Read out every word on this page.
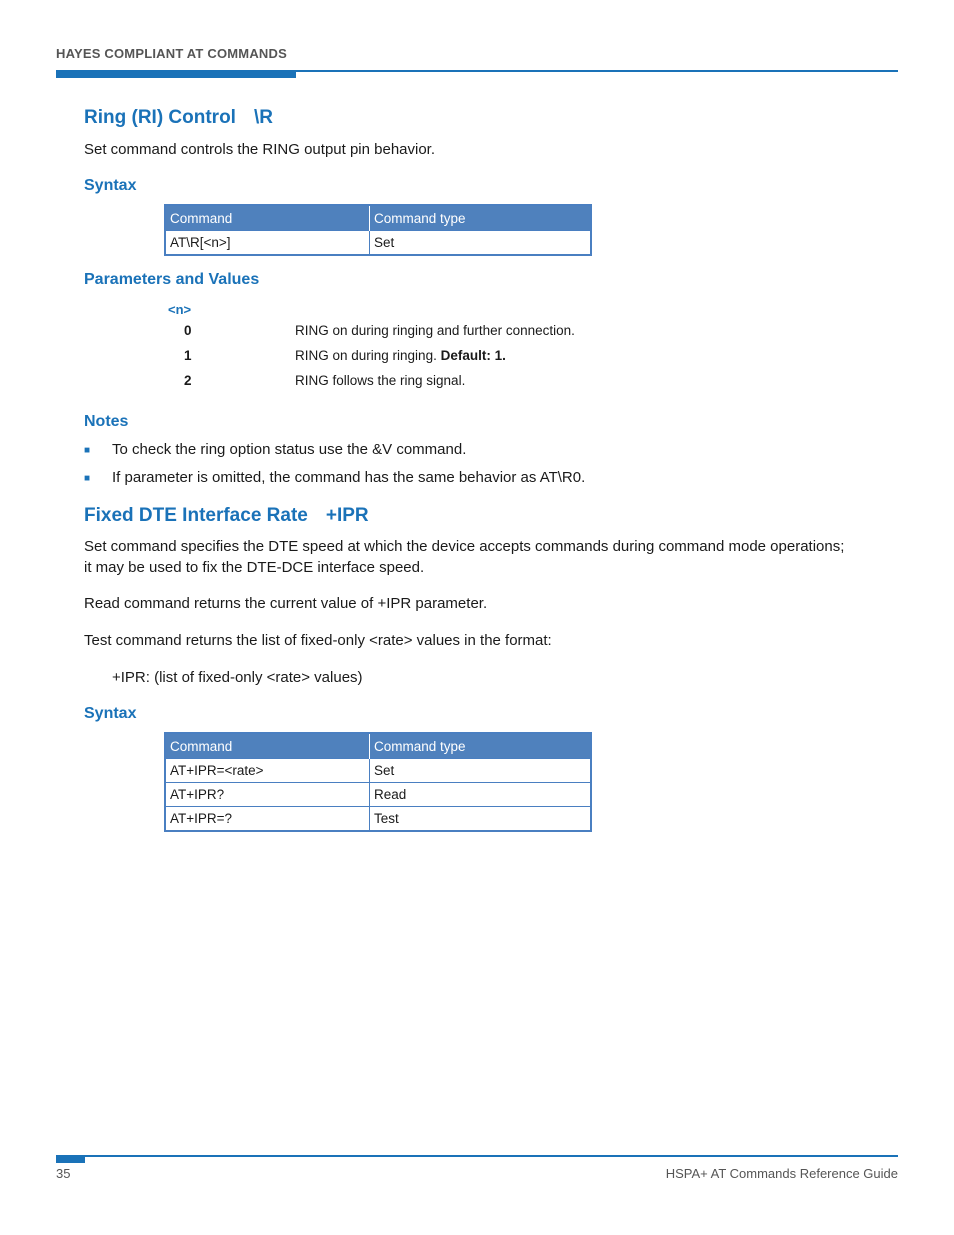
HAYES COMPLIANT AT COMMANDS
Ring (RI) Control \R
Set command controls the RING output pin behavior.
Syntax
Command	Command type
AT\R[<n>]	Set
Parameters and Values
<n>
0	RING on during ringing and further connection.
1	RING on during ringing. Default: 1.
2	RING follows the ring signal.
Notes
■ To check the ring option status use the &V command.
■ If parameter is omitted, the command has the same behavior as AT\R0.
Fixed DTE Interface Rate +IPR
Set command specifies the DTE speed at which the device accepts commands during command mode operations;
it may be used to fix the DTE-DCE interface speed.
Read command returns the current value of +IPR parameter.
Test command returns the list of fixed-only <rate> values in the format:
+IPR: (list of fixed-only <rate> values)
Syntax
Command	Command type
AT+IPR=<rate>	Set
AT+IPR?	Read
AT+IPR=?	Test
35	HSPA+ AT Commands Reference Guide
